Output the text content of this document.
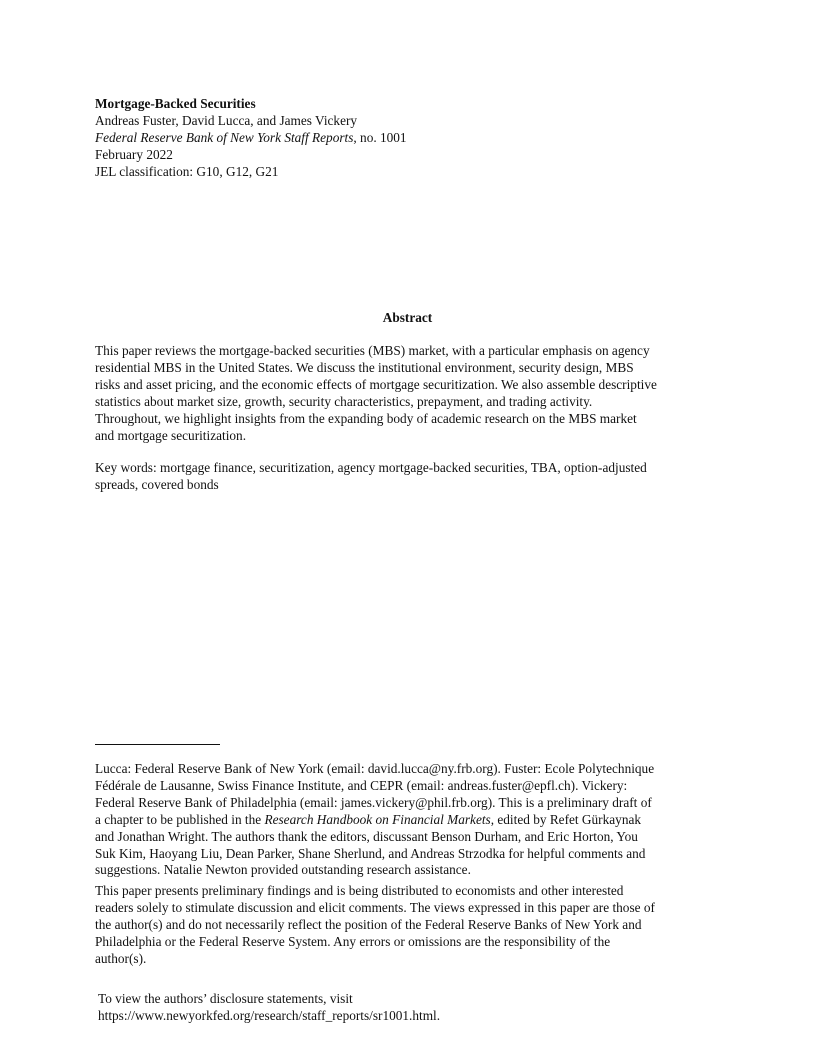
Mortgage-Backed Securities

Andreas Fuster, David Lucca, and James Vickery

Federal Reserve Bank of New York Staff Reports, no. 1001

February 2022

JEL classification: G10, G12, G21

Abstract

This paper reviews the mortgage-backed securities (MBS) market, with a particular emphasis on agency

residential MBS in the United States. We discuss the institutional environment, security design, MBS

risks and asset pricing, and the economic effects of mortgage securitization. We also assemble descriptive

statistics about market size, growth, security characteristics, prepayment, and trading activity.

Throughout, we highlight insights from the expanding body of academic research on the MBS market

and mortgage securitization.

Key words: mortgage finance, securitization, agency mortgage-backed securities, TBA, option-adjusted

spreads, covered bonds

Lucca: Federal Reserve Bank of New York (email: david.lucca@ny.frb.org). Fuster: Ecole Polytechnique

Fédérale de Lausanne, Swiss Finance Institute, and CEPR (email: andreas.fuster@epfl.ch). Vickery:

Federal Reserve Bank of Philadelphia (email: james.vickery@phil.frb.org). This is a preliminary draft of

a chapter to be published in the Research Handbook on Financial Markets, edited by Refet Gürkaynak

and Jonathan Wright. The authors thank the editors, discussant Benson Durham, and Eric Horton, You

Suk Kim, Haoyang Liu, Dean Parker, Shane Sherlund, and Andreas Strzodka for helpful comments and

suggestions. Natalie Newton provided outstanding research assistance.

This paper presents preliminary findings and is being distributed to economists and other interested

readers solely to stimulate discussion and elicit comments. The views expressed in this paper are those of

the author(s) and do not necessarily reflect the position of the Federal Reserve Banks of New York and

Philadelphia or the Federal Reserve System. Any errors or omissions are the responsibility of the

author(s).

To view the authors’ disclosure statements, visit

https://www.newyorkfed.org/research/staff_reports/sr1001.html.
